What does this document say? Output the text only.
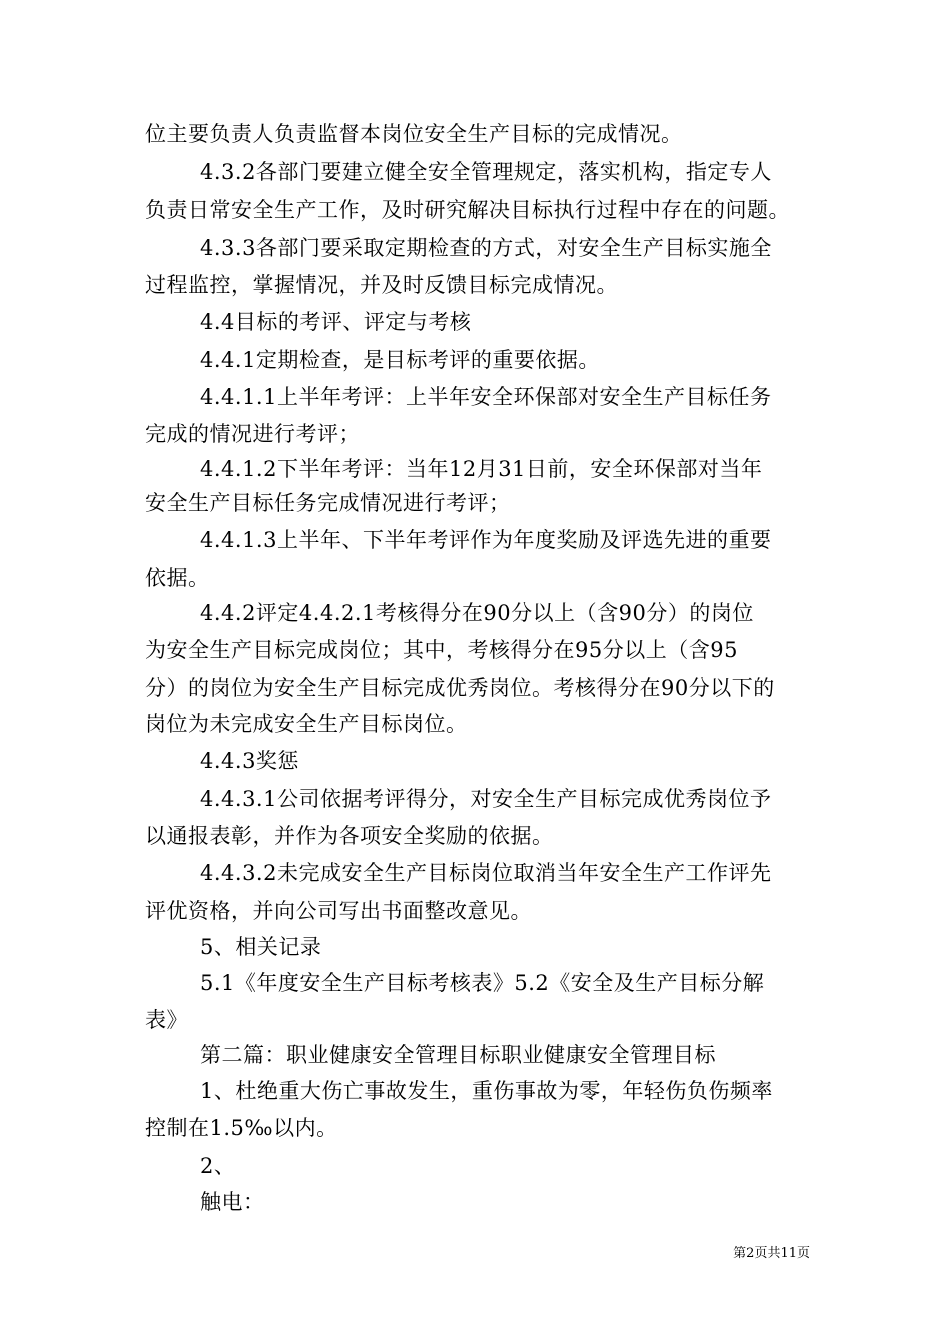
位主要负责人负责监督本岗位安全生产目标的完成情况。
4.3.2各部门要建立健全安全管理规定，落实机构，指定专人
负责日常安全生产工作，及时研究解决目标执行过程中存在的问题。
4.3.3各部门要采取定期检查的方式，对安全生产目标实施全
过程监控，掌握情况，并及时反馈目标完成情况。
4.4目标的考评、评定与考核
4.4.1定期检查，是目标考评的重要依据。
4.4.1.1上半年考评：上半年安全环保部对安全生产目标任务
完成的情况进行考评；
4.4.1.2下半年考评：当年12月31日前，安全环保部对当年
安全生产目标任务完成情况进行考评；
4.4.1.3上半年、下半年考评作为年度奖励及评选先进的重要
依据。
4.4.2评定4.4.2.1考核得分在90分以上（含90分）的岗位
为安全生产目标完成岗位；其中，考核得分在95分以上（含95
分）的岗位为安全生产目标完成优秀岗位。考核得分在90分以下的
岗位为未完成安全生产目标岗位。
4.4.3奖惩
4.4.3.1公司依据考评得分，对安全生产目标完成优秀岗位予
以通报表彰，并作为各项安全奖励的依据。
4.4.3.2未完成安全生产目标岗位取消当年安全生产工作评先
评优资格，并向公司写出书面整改意见。
5、相关记录
5.1《年度安全生产目标考核表》5.2《安全及生产目标分解
表》
第二篇：职业健康安全管理目标职业健康安全管理目标
1、杜绝重大伤亡事故发生，重伤事故为零，年轻伤负伤频率
控制在1.5‰以内。
2、
触电：
第2页共11页
